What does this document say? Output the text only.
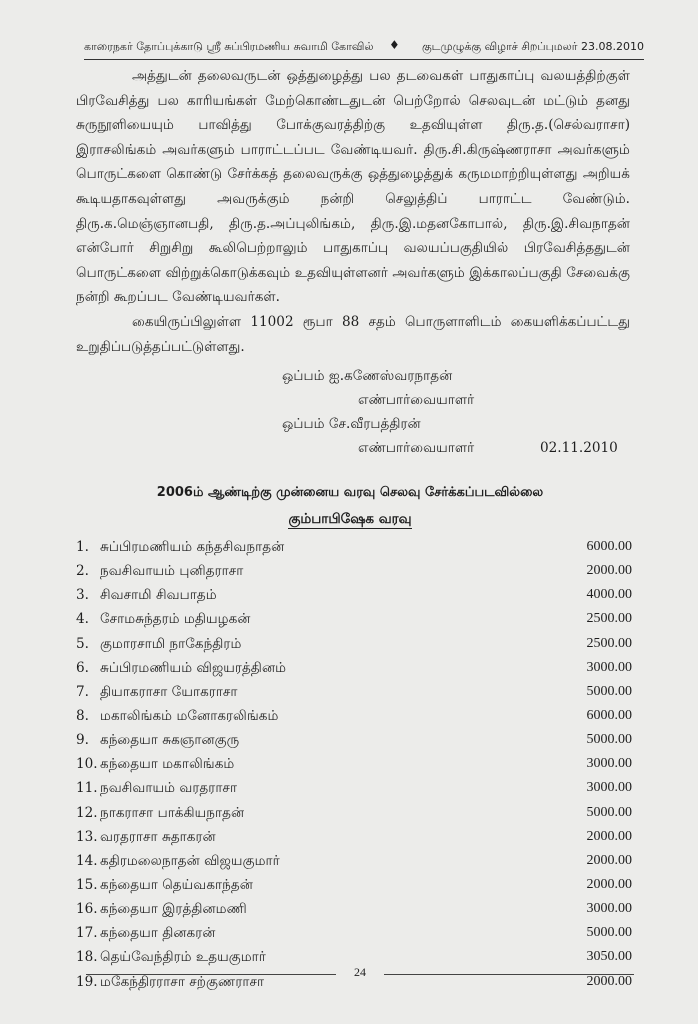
காரைநகர் தோப்புக்காடு ஸ்ரீ சுப்பிரமணிய சுவாமி கோவில் ♦ குடமுழுக்கு விழாச் சிறப்புமலர் 23.08.2010

அத்துடன் தலைவருடன் ஒத்துழைத்து பல தடவைகள் பாதுகாப்பு வலயத்திற்குள் பிரவேசித்து பல காரியங்கள் மேற்கொண்டதுடன் பெற்றோல் செலவுடன் மட்டும் தனது சுருநூளியையும் பாவித்து போக்குவரத்திற்கு உதவியுள்ள திரு.த.(செல்வராசா) இராசலிங்கம் அவர்களும் பாராட்டப்பட வேண்டியவர். திரு.சி.கிருஷ்ணராசா அவர்களும் பொருட்களை கொண்டு சேர்க்கத் தலைவருக்கு ஒத்துழைத்துக் கருமமாற்றியுள்ளது அறியக் கூடியதாகவுள்ளது அவருக்கும் நன்றி செலுத்திப் பாராட்ட வேண்டும். திரு.க.மெஞ்ஞானபதி, திரு.த.அப்புலிங்கம், திரு.இ.மதனகோபால், திரு.இ.சிவநாதன் என்போர் சிறுசிறு கூலிபெற்றாலும் பாதுகாப்பு வலயப்பகுதியில் பிரவேசித்ததுடன் பொருட்களை விற்றுக்கொடுக்கவும் உதவியுள்ளனர் அவர்களும் இக்காலப்பகுதி சேவைக்கு நன்றி கூறப்பட வேண்டியவர்கள்.

கையிருப்பிலுள்ள 11002 ரூபா 88 சதம் பொருளாளிடம் கையளிக்கப்பட்டது உறுதிப்படுத்தப்பட்டுள்ளது.

ஒப்பம் ஐ.கணேஸ்வரநாதன்
எண்பார்வையாளர்
ஒப்பம் சே.வீரபத்திரன்
எண்பார்வையாளர்	02.11.2010
2006ம் ஆண்டிற்கு முன்னைய வரவு செலவு சேர்க்கப்படவில்லை
கும்பாபிஷேக வரவு
1. சுப்பிரமணியம் கந்தசிவநாதன்	6000.00
2. நவசிவாயம் புனிதராசா	2000.00
3. சிவசாமி சிவபாதம்	4000.00
4. சோமசுந்தரம் மதியழகன்	2500.00
5. குமாரசாமி நாகேந்திரம்	2500.00
6. சுப்பிரமணியம் விஜயரத்தினம்	3000.00
7. தியாகராசா யோகராசா	5000.00
8. மகாலிங்கம் மனோகரலிங்கம்	6000.00
9. கந்தையா சுகஞானகுரு	5000.00
10. கந்தையா மகாலிங்கம்	3000.00
11. நவசிவாயம் வரதராசா	3000.00
12. நாகராசா பாக்கியநாதன்	5000.00
13. வரதராசா சுதாகரன்	2000.00
14. கதிரமலைநாதன் விஜயகுமார்	2000.00
15. கந்தையா தெய்வகாந்தன்	2000.00
16. கந்தையா இரத்தினமணி	3000.00
17. கந்தையா தினகரன்	5000.00
18. தெய்வேந்திரம் உதயகுமார்	3050.00
19. மகேந்திரராசா சற்குணராசா	2000.00
24
